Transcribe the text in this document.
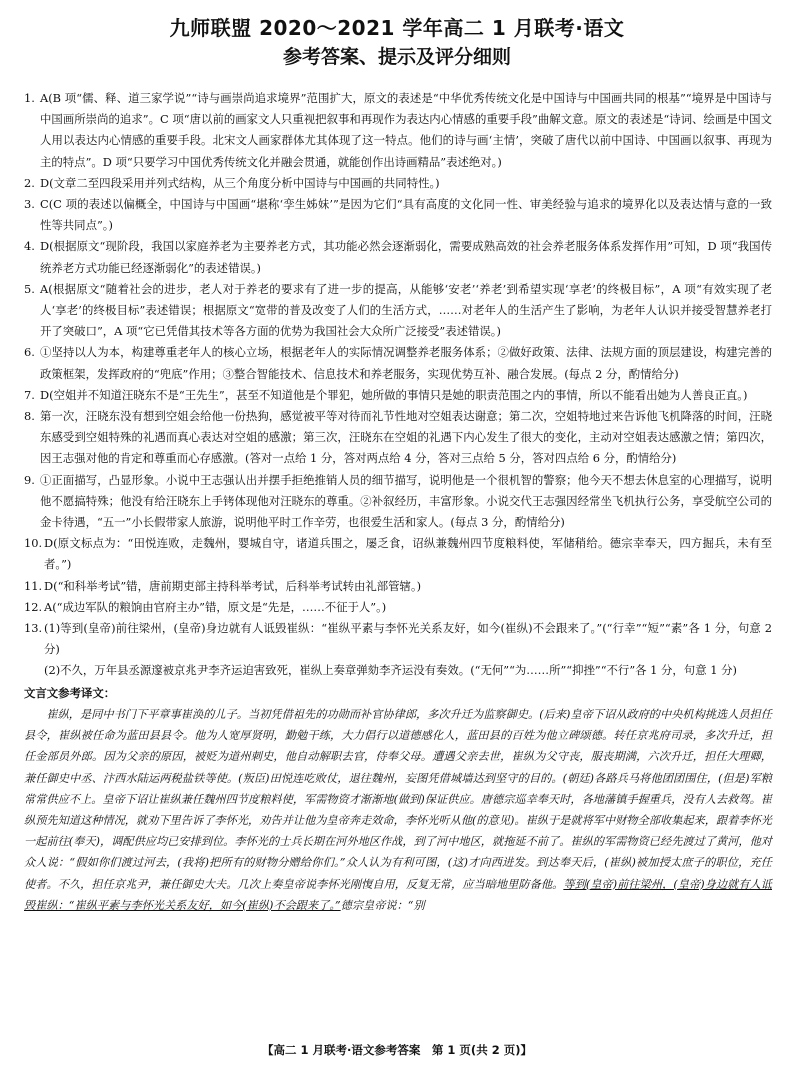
九师联盟 2020～2021 学年高二 1 月联考·语文
参考答案、提示及评分细则
1. A(B 项“儒、释、道三家学说”“诗与画崇尚追求境界”范围扩大，原文的表述是“中华优秀传统文化是中国诗与中国画共同的根基”“境界是中国诗与中国画所崇尚的追求”。C 项“唐以前的画家文人只重视把叙事和再现作为表达内心情感的重要手段”曲解文意。原文的表述是“诗词、绘画是中国文人用以表达内心情感的重要手段。北宋文人画家群体尤其体现了这一特点。他们的诗与画‘主情’，突破了唐代以前中国诗、中国画以叙事、再现为主的特点”。D 项“只要学习中国优秀传统文化并融会贯通，就能创作出诗画精品”表述绝对。)
2. D(文章二至四段采用并列式结构，从三个角度分析中国诗与中国画的共同特性。)
3. C(C 项的表述以偏概全，中国诗与中国画“堪称‘孪生姊妹’”是因为它们“具有高度的文化同一性、审美经验与追求的境界化以及表达情与意的一致性等共同点”。)
4. D(根据原文“现阶段，我国以家庭养老为主要养老方式，其功能必然会逐渐弱化，需要成熟高效的社会养老服务体系发挥作用”可知，D 项“我国传统养老方式功能已经逐渐弱化”的表述错误。)
5. A(根据原文“随着社会的进步，老人对于养老的要求有了进一步的提高，从能够‘安老’‘养老’到希望实现‘享老’的终极目标”，A 项“有效实现了老人‘享老’的终极目标”表述错误；根据原文“宽带的普及改变了人们的生活方式，……对老年人的生活产生了影响，为老年人认识并接受智慧养老打开了突破口”，A 项“它已凭借其技术等各方面的优势为我国社会大众所广泛接受”表述错误。)
6. ①坚持以人为本，构建尊重老年人的核心立场，根据老年人的实际情况调整养老服务体系；②做好政策、法律、法规方面的顶层建设，构建完善的政策框架，发挥政府的“兜底”作用；③整合智能技术、信息技术和养老服务，实现优势互补、融合发展。(每点 2 分，酌情给分)
7. D(空姐并不知道汪晓东不是“王先生”，甚至不知道他是个罪犯，她所做的事情只是她的职责范围之内的事情，所以不能看出她为人善良正直。)
8. 第一次，汪晓东没有想到空姐会给他一份热狗，感觉被平等对待而礼节性地对空姐表达谢意；第二次，空姐特地过来告诉他飞机降落的时间，汪晓东感受到空姐特殊的礼遇而真心表达对空姐的感激；第三次，汪晓东在空姐的礼遇下内心发生了很大的变化，主动对空姐表达感激之情；第四次，因王志强对他的肯定和尊重而心存感激。(答对一点给 1 分，答对两点给 4 分，答对三点给 5 分，答对四点给 6 分，酌情给分)
9. ①正面描写，凸显形象。小说中王志强认出并摆手拒绝推销人员的细节描写，说明他是一个很机智的警察；他今天不想去休息室的心理描写，说明他不愿搞特殊；他没有给汪晓东上手铐体现他对汪晓东的尊重。②补叙经历，丰富形象。小说交代王志强因经常坐飞机执行公务，享受航空公司的金卡待遇，“五一”小长假带家人旅游，说明他平时工作辛劳，也很爱生活和家人。(每点 3 分，酌情给分)
10. D(原文标点为：“田悦连败，走魏州，婴城自守，诸道兵围之，屡乏食，诏纵兼魏州四节度粮料使，军储稍给。德宗幸奉天，四方掘兵，未有至者。”)
11. D(“和科举考试”错，唐前期吏部主持科举考试，后科举考试转由礼部管辖。)
12. A(“成边军队的粮饷由官府主办”错，原文是“先是，……不征于人”。)
13. (1)等到(皇帝)前往梁州，(皇帝)身边就有人诋毁崔纵：“崔纵平素与李怀光关系友好，如今(崔纵)不会跟来了。”(“行幸”“短”“素”各 1 分，句意 2 分)
(2)不久，万年县丞源邃被京兆尹李齐运迫害致死，崔纵上奏章弹劾李齐运没有奏效。(“无何”“为……所”“抑挫”“不行”各 1 分，句意 1 分)
文言文参考译文：
崔纵，是同中书门下平章事崔涣的儿子。当初凭借祖先的功勋而补官协律郎，多次升迁为监察御史。(后来)皇帝下诏从政府的中央机构挑选人员担任县令，崔纵被任命为蓝田县县令。他为人宽厚贤明，勤勉干练，大力倡行以道德感化人，蓝田县的百姓为他立碑颂德。转任京兆府司录，多次升迁，担任金部员外郎。因为父亲的原因，被贬为道州刺史，他自动解职去官，侍奉父母。遭遇父亲去世，崔纵为父守丧，服丧期满，六次升迁，担任大理卿，兼任御史中丞、汴西水陆运两税盐铁等使。(叛臣)田悦连吃败仗，退往魏州，妄图凭借城墙达到坚守的目的。(朝廷)各路兵马将他团团围住，(但是)军粮常常供应不上。皇帝下诏让崔纵兼任魏州四节度粮料使，军需物资才渐渐地(做到)保证供应。唐德宗巡幸奉天时，各地藩镇手握重兵，没有人去救驾。崔纵预先知道这种情况，就劝下里告诉了李怀光，劝告并让他为皇帝奔走效命，李怀光听从他(的意见)。崔纵于是就将军中财物全部收集起来，跟着李怀光一起前往(奉天)，调配供应均已安排到位。李怀光的士兵长期在河外地区作战，到了河中地区，就拖延不前了。崔纵的军需物资已经先渡过了黄河，他对众人说：“假如你们渡过河去，(我将)把所有的财物分赠给你们。”众人认为有利可图，(这)才向西进发。到达奉天后，(崔纵)被加授太庶子的职位，充任使者。不久，担任京兆尹，兼任御史大夫。几次上奏皇帝说李怀光刚愎自用，反复无常，应当暗地里防备他。等到(皇帝)前往梁州，(皇帝)身边就有人诋毁崔纵：“崔纵平素与李怀光关系友好，如今(崔纵)不会跟来了。”德宗皇帝说：“别
【高二 1 月联考·语文参考答案　第 1 页(共 2 页)】
